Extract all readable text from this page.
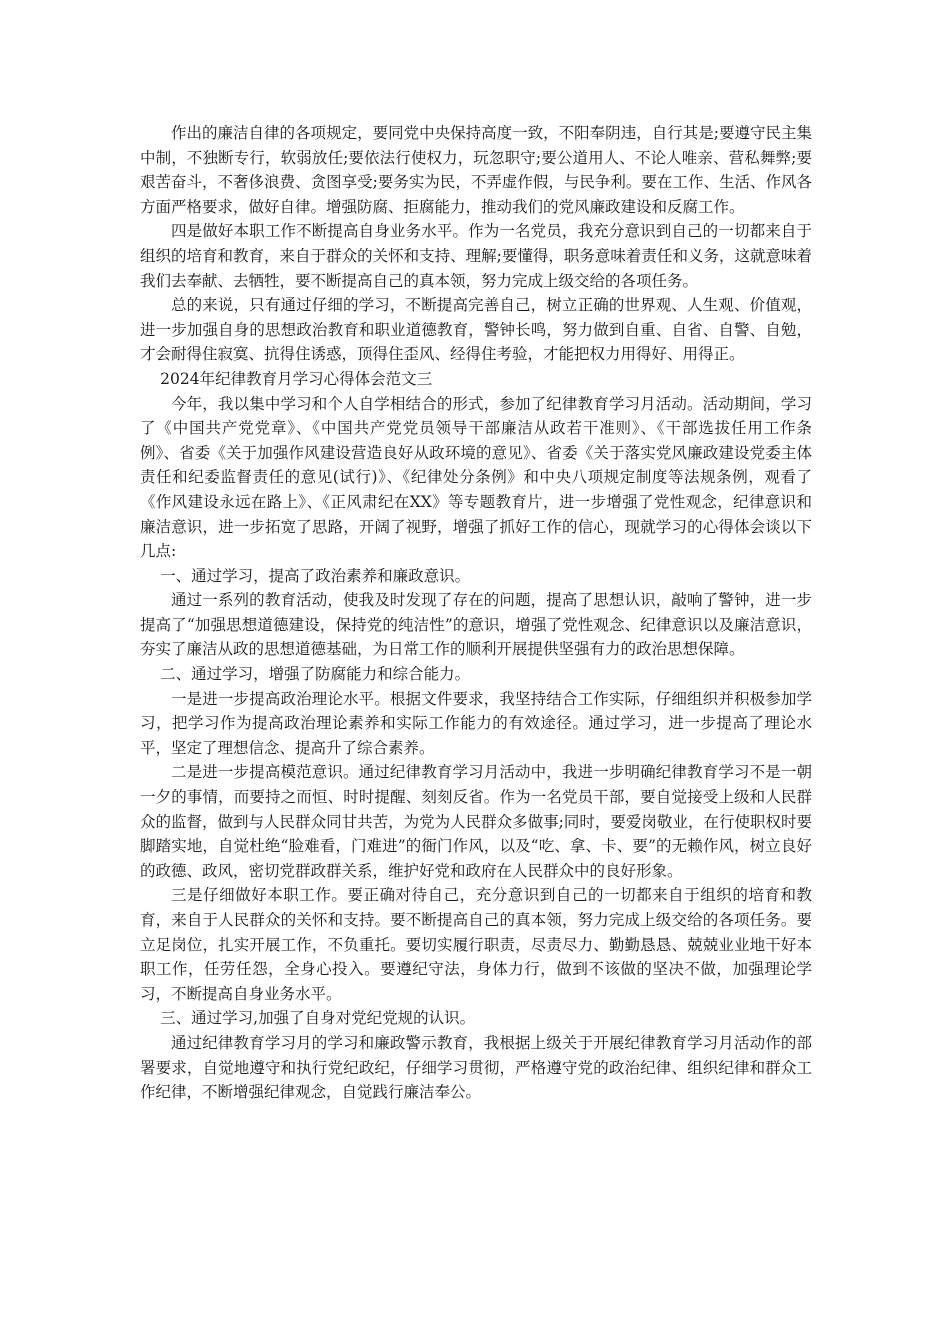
作出的廉洁自律的各项规定，要同党中央保持高度一致，不阳奉阴违，自行其是;要遵守民主集中制，不独断专行，软弱放任;要依法行使权力，玩忽职守;要公道用人、不论人唯亲、营私舞弊;要艰苦奋斗，不奢侈浪费、贪图享受;要务实为民，不弄虚作假，与民争利。要在工作、生活、作风各方面严格要求，做好自律。增强防腐、拒腐能力，推动我们的党风廉政建设和反腐工作。

四是做好本职工作不断提高自身业务水平。作为一名党员，我充分意识到自己的一切都来自于组织的培育和教育，来自于群众的关怀和支持、理解;要懂得，职务意味着责任和义务，这就意味着我们去奉献、去牺牲，要不断提高自己的真本领，努力完成上级交给的各项任务。

总的来说，只有通过仔细的学习，不断提高完善自己，树立正确的世界观、人生观、价值观，进一步加强自身的思想政治教育和职业道德教育，警钟长鸣，努力做到自重、自省、自警、自勉，才会耐得住寂寞、抗得住诱惑，顶得住歪风、经得住考验，才能把权力用得好、用得正。

2024年纪律教育月学习心得体会范文三

今年，我以集中学习和个人自学相结合的形式，参加了纪律教育学习月活动。活动期间，学习了《中国共产党党章》、《中国共产党党员领导干部廉洁从政若干准则》、《干部选拔任用工作条例》、省委《关于加强作风建设营造良好从政环境的意见》、省委《关于落实党风廉政建设党委主体责任和纪委监督责任的意见(试行)》、《纪律处分条例》和中央八项规定制度等法规条例，观看了《作风建设永远在路上》、《正风肃纪在XX》等专题教育片，进一步增强了党性观念，纪律意识和廉洁意识，进一步拓宽了思路，开阔了视野，增强了抓好工作的信心，现就学习的心得体会谈以下几点:

一、通过学习，提高了政治素养和廉政意识。

通过一系列的教育活动，使我及时发现了存在的问题，提高了思想认识，敲响了警钟，进一步提高了“加强思想道德建设，保持党的纯洁性”的意识，增强了党性观念、纪律意识以及廉洁意识，夯实了廉洁从政的思想道德基础，为日常工作的顺利开展提供坚强有力的政治思想保障。

二、通过学习，增强了防腐能力和综合能力。

一是进一步提高政治理论水平。根据文件要求，我坚持结合工作实际，仔细组织并积极参加学习，把学习作为提高政治理论素养和实际工作能力的有效途径。通过学习，进一步提高了理论水平，坚定了理想信念、提高升了综合素养。

二是进一步提高模范意识。通过纪律教育学习月活动中，我进一步明确纪律教育学习不是一朝一夕的事情，而要持之而恒、时时提醒、刻刻反省。作为一名党员干部，要自觉接受上级和人民群众的监督，做到与人民群众同甘共苦，为党为人民群众多做事;同时，要爱岗敬业，在行使职权时要脚踏实地，自觉杜绝“脸难看，门难进”的衙门作风，以及“吃、拿、卡、要”的无赖作风，树立良好的政德、政风，密切党群政群关系，维护好党和政府在人民群众中的良好形象。

三是仔细做好本职工作。要正确对待自己，充分意识到自己的一切都来自于组织的培育和教育，来自于人民群众的关怀和支持。要不断提高自己的真本领，努力完成上级交给的各项任务。要立足岗位，扎实开展工作，不负重托。要切实履行职责，尽责尽力、勤勤恳恳、兢兢业业地干好本职工作，任劳任怨，全身心投入。要遵纪守法，身体力行，做到不该做的坚决不做，加强理论学习，不断提高自身业务水平。

三、通过学习,加强了自身对党纪党规的认识。

通过纪律教育学习月的学习和廉政警示教育，我根据上级关于开展纪律教育学习月活动作的部署要求，自觉地遵守和执行党纪政纪，仔细学习贯彻，严格遵守党的政治纪律、组织纪律和群众工作纪律，不断增强纪律观念，自觉践行廉洁奉公。
